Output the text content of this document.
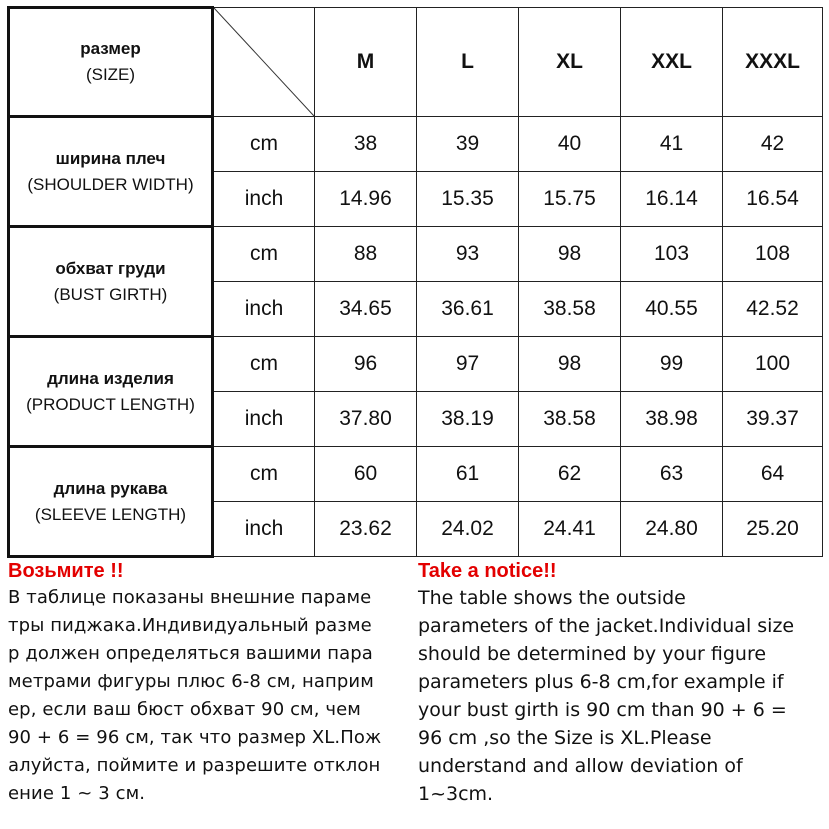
размер
(SIZE)		M	L	XL	XXL	XXXL

ширина плеч
(SHOULDER WIDTH)	cm	38	39	40	41	42
	inch	14.96	15.35	15.75	16.14	16.54

обхват груди
(BUST GIRTH)	cm	88	93	98	103	108
	inch	34.65	36.61	38.58	40.55	42.52

длина изделия
(PRODUCT LENGTH)	cm	96	97	98	99	100
	inch	37.80	38.19	38.58	38.98	39.37

длина рукава
(SLEEVE LENGTH)	cm	60	61	62	63	64
	inch	23.62	24.02	24.41	24.80	25.20
Возьмите !!
В таблице показаны внешние параме
тры пиджака.Индивидуальный разме
р должен определяться вашими пара
метрами фигуры плюс 6-8 см, наприм
ер, если ваш бюст обхват 90 см, чем
90 + 6 = 96 см, так что размер XL.Пож
алуйста, поймите и разрешите отклон
ение 1 ~ 3 см.
Take a notice!!
The table shows the outside
parameters of the jacket.Individual size
should be determined by your figure
parameters plus 6-8 cm,for example if
your bust girth is 90 cm than 90 + 6 =
96 cm ,so the Size is XL.Please
understand and allow deviation of
1~3cm.
